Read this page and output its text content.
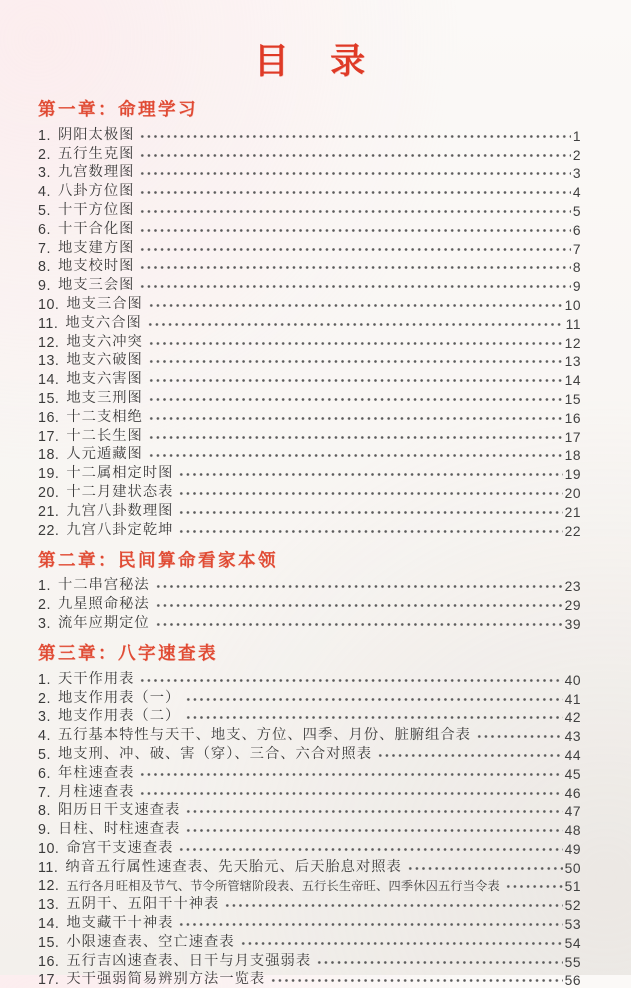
目 录
第一章：命理学习
1. 阴阳太极图	1
2. 五行生克图	2
3. 九宫数理图	3
4. 八卦方位图	4
5. 十干方位图	5
6. 十干合化图	6
7. 地支建方图	7
8. 地支校时图	8
9. 地支三会图	9
10. 地支三合图	10
11. 地支六合图	11
12. 地支六冲突	12
13. 地支六破图	13
14. 地支六害图	14
15. 地支三刑图	15
16. 十二支相绝	16
17. 十二长生图	17
18. 人元遁藏图	18
19. 十二属相定时图	19
20. 十二月建状态表	20
21. 九宫八卦数理图	21
22. 九宫八卦定乾坤	22
第二章：民间算命看家本领
1. 十二串宫秘法	23
2. 九星照命秘法	29
3. 流年应期定位	39
第三章：八字速查表
1. 天干作用表	40
2. 地支作用表（一）	41
3. 地支作用表（二）	42
4. 五行基本特性与天干、地支、方位、四季、月份、脏腑组合表	43
5. 地支刑、冲、破、害（穿）、三合、六合对照表	44
6. 年柱速查表	45
7. 月柱速查表	46
8. 阳历日干支速查表	47
9. 日柱、时柱速查表	48
10. 命宫干支速查表	49
11. 纳音五行属性速查表、先天胎元、后天胎息对照表	50
12. 五行各月旺相及节气、节令所管辖阶段表、五行长生帝旺、四季休囚五行当令表	51
13. 五阴干、五阳干十神表	52
14. 地支藏干十神表	53
15. 小限速查表、空亡速查表	54
16. 五行吉凶速查表、日干与月支强弱表	55
17. 天干强弱简易辨别方法一览表	56
